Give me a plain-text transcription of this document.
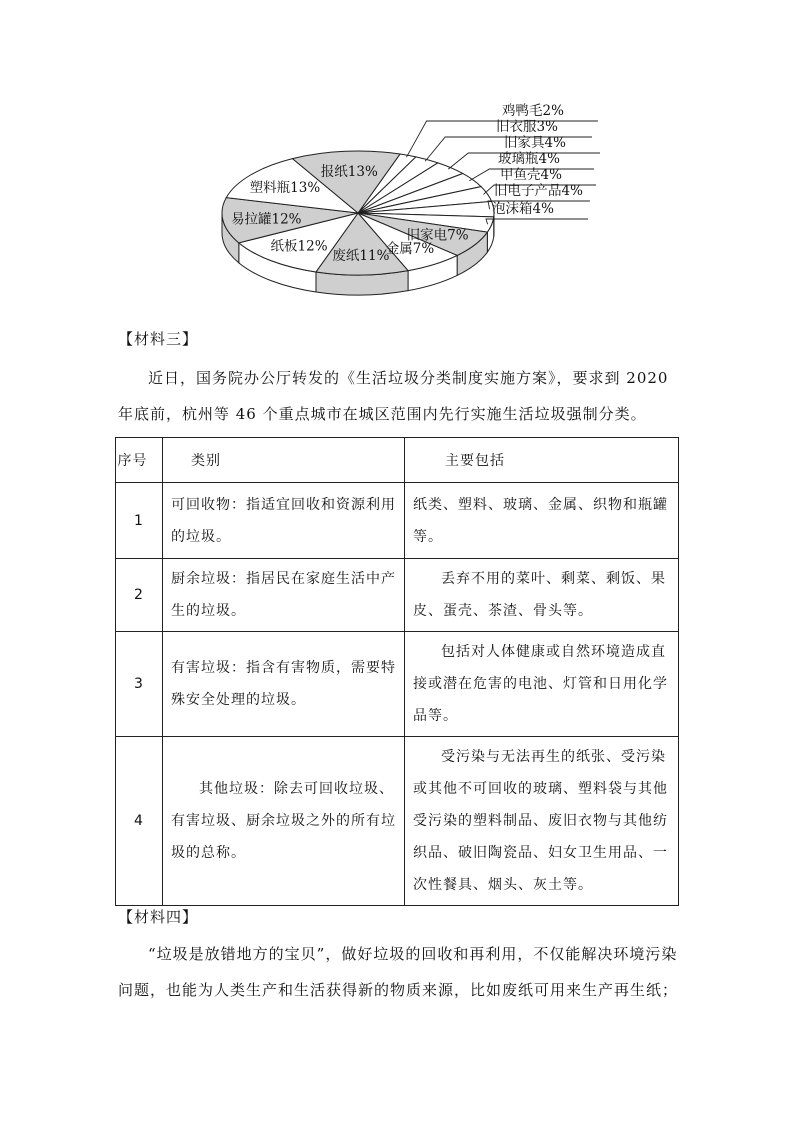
鸡鸭毛2%
旧衣服3%
旧家具4%
玻璃瓶4%
甲鱼壳4%
旧电子产品4%
泡沫箱4%
旧家电7%
金属7%
废纸11%
纸板12%
易拉罐12%
塑料瓶13%
报纸13%
【材料三】
近日，国务院办公厅转发的《生活垃圾分类制度实施方案》，要求到 2020
年底前，杭州等 46 个重点城市在城区范围内先行实施生活垃圾强制分类。
序号	类别	主要包括
1	可回收物：指适宜回收和资源利用的垃圾。	纸类、塑料、玻璃、金属、织物和瓶罐等。
2	厨余垃圾：指居民在家庭生活中产生的垃圾。	丢弃不用的菜叶、剩菜、剩饭、果皮、蛋壳、茶渣、骨头等。
3	有害垃圾：指含有害物质，需要特殊安全处理的垃圾。	包括对人体健康或自然环境造成直接或潜在危害的电池、灯管和日用化学品等。
4	其他垃圾：除去可回收垃圾、有害垃圾、厨余垃圾之外的所有垃圾的总称。	受污染与无法再生的纸张、受污染或其他不可回收的玻璃、塑料袋与其他受污染的塑料制品、废旧衣物与其他纺织品、破旧陶瓷品、妇女卫生用品、一次性餐具、烟头、灰土等。
【材料四】

“垃圾是放错地方的宝贝”，做好垃圾的回收和再利用，不仅能解决环境污染问题，也能为人类生产和生活获得新的物质来源，比如废纸可用来生产再生纸；
